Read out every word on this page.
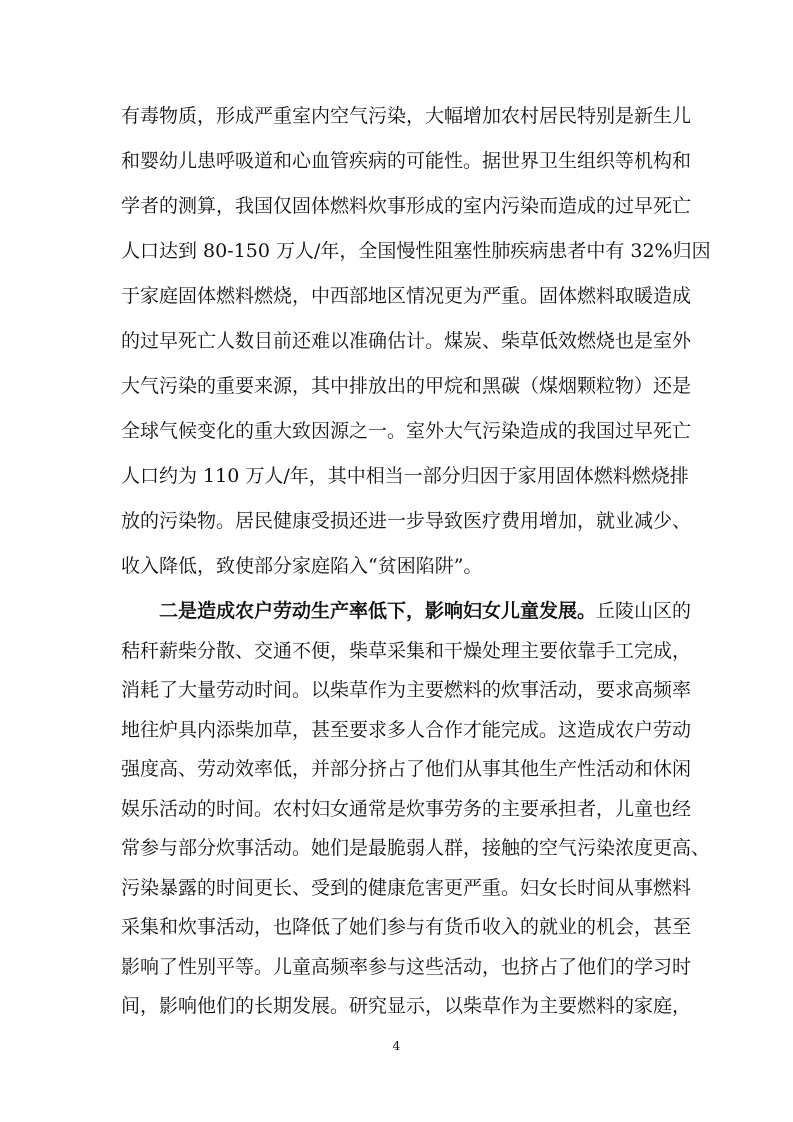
有毒物质，形成严重室内空气污染，大幅增加农村居民特别是新生儿
和婴幼儿患呼吸道和心血管疾病的可能性。据世界卫生组织等机构和
学者的测算，我国仅固体燃料炊事形成的室内污染而造成的过早死亡
人口达到 80-150 万人/年，全国慢性阻塞性肺疾病患者中有 32%归因
于家庭固体燃料燃烧，中西部地区情况更为严重。固体燃料取暖造成
的过早死亡人数目前还难以准确估计。煤炭、柴草低效燃烧也是室外
大气污染的重要来源，其中排放出的甲烷和黑碳（煤烟颗粒物）还是
全球气候变化的重大致因源之一。室外大气污染造成的我国过早死亡
人口约为 110 万人/年，其中相当一部分归因于家用固体燃料燃烧排
放的污染物。居民健康受损还进一步导致医疗费用增加，就业减少、
收入降低，致使部分家庭陷入“贫困陷阱”。
二是造成农户劳动生产率低下，影响妇女儿童发展。丘陵山区的
秸秆薪柴分散、交通不便，柴草采集和干燥处理主要依靠手工完成，
消耗了大量劳动时间。以柴草作为主要燃料的炊事活动，要求高频率
地往炉具内添柴加草，甚至要求多人合作才能完成。这造成农户劳动
强度高、劳动效率低，并部分挤占了他们从事其他生产性活动和休闲
娱乐活动的时间。农村妇女通常是炊事劳务的主要承担者，儿童也经
常参与部分炊事活动。她们是最脆弱人群，接触的空气污染浓度更高、
污染暴露的时间更长、受到的健康危害更严重。妇女长时间从事燃料
采集和炊事活动，也降低了她们参与有货币收入的就业的机会，甚至
4
影响了性别平等。儿童高频率参与这些活动，也挤占了他们的学习时
间，影响他们的长期发展。研究显示，以柴草作为主要燃料的家庭，
